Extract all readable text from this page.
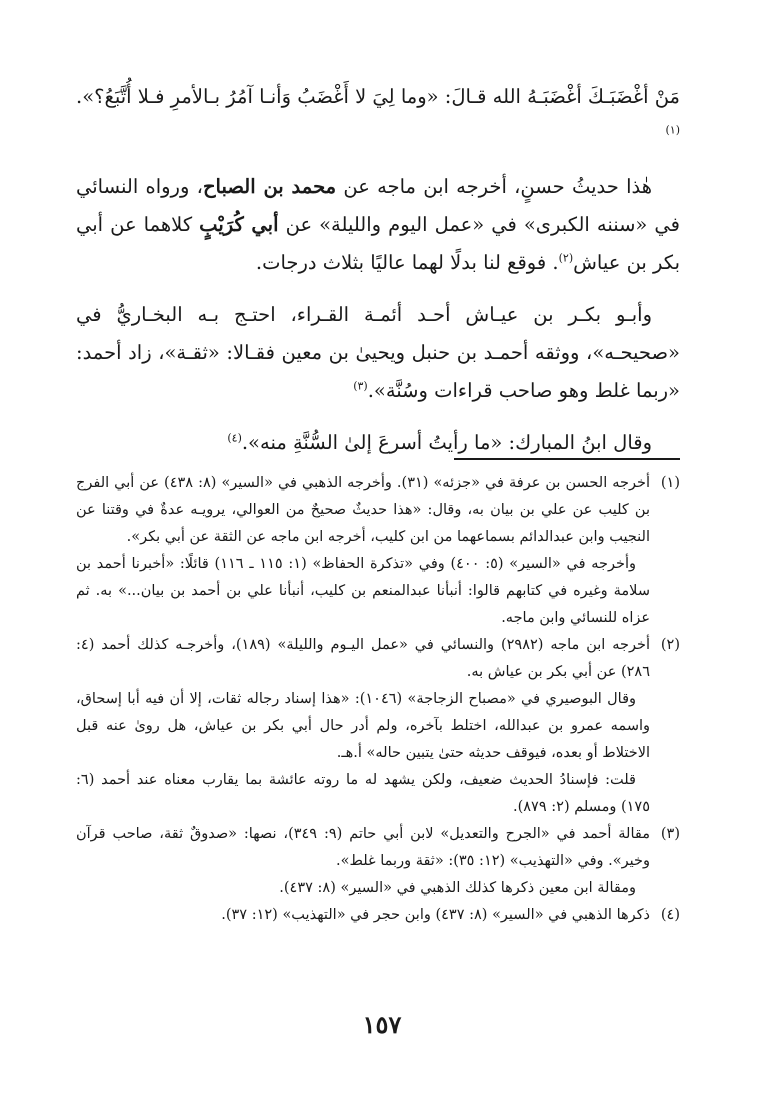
مَنْ أغْضَبَـكَ أغْضَبَـهُ الله قـالَ: «وما لِيَ لا أَغْضَبُ وَأنـا آمُرُ بـالأمرِ فـلا أُتَّبَعُ؟».$^{(١)}$

هٰذا حديثُ حسنٍ، أخرجه ابن ماجه عن محمد بن الصباح، ورواه النسائي في «سننه الكبرى» في «عمل اليوم والليلة» عن أبي كُرَيْبٍ كلاهما عن أبي بكر بن عياش$^{(٢)}$. فوقع لنا بدلًا لهما عاليًا بثلاث درجات.

وأبـو بكـر بن عيـاش أحـد أئمـة القـراء، احتـج بـه البخـاريُّ في «صحيحـه»، ووثقه أحمـد بن حنبل ويحيىٰ بن معين فقـالا: «ثقـة»، زاد أحمد: «ربما غلط وهو صاحب قراءات وسُنَّة».$^{(٣)}$

وقال ابنُ المبارك: «ما رأيتُ أسرعَ إلىٰ السُّنَّةِ منه».$^{(٤)}$

(١)

أخرجه الحسن بن عرفة في «جزئه» (٣١). وأخرجه الذهبي في «السير» (٨: ٤٣٨) عن أبي الفرج بن كليب عن علي بن بيان به، وقال: «هذا حديثٌ صحيحٌ من العوالي، يرويـه عدةٌ في وقتنا عن النجيب وابن عبدالدائم بسماعهما من ابن كليب، أخرجه ابن ماجه عن الثقة عن أبي بكر».

وأخرجه في «السير» (٥: ٤٠٠) وفي «تذكرة الحفاظ» (١: ١١٥ ـ ١١٦) قائلًا: «أخبرنا أحمد بن سلامة وغيره في كتابهم قالوا: أنبأنا عبدالمنعم بن كليب، أنبأنا علي بن أحمد بن بيان...» به. ثم عزاه للنسائي وابن ماجه.

(٢)

أخرجه ابن ماجه (٢٩٨٢) والنسائي في «عمل اليـوم والليلة» (١٨٩)، وأخرجـه كذلك أحمد (٤: ٢٨٦) عن أبي بكر بن عياش به.

وقال البوصيري في «مصباح الزجاجة» (١٠٤٦): «هذا إسناد رجاله ثقات، إلا أن فيه أبا إسحاق، واسمه عمرو بن عبدالله، اختلط بآخره، ولم أدر حال أبي بكر بن عياش، هل روىٰ عنه قبل الاختلاط أو بعده، فيوقف حديثه حتىٰ يتبين حاله» أ.هـ.

قلت: فإسنادُ الحديث ضعيف، ولكن يشهد له ما روته عائشة بما يقارب معناه عند أحمد (٦: ١٧٥) ومسلم (٢: ٨٧٩).

(٣)

مقالة أحمد في «الجرح والتعديل» لابن أبي حاتم (٩: ٣٤٩)، نصها: «صدوقٌ ثقة، صاحب قرآن وخير». وفي «التهذيب» (١٢: ٣٥): «ثقة وربما غلط».

ومقالة ابن معين ذكرها كذلك الذهبي في «السير» (٨: ٤٣٧).

(٤)

ذكرها الذهبي في «السير» (٨: ٤٣٧) وابن حجر في «التهذيب» (١٢: ٣٧).

١٥٧
